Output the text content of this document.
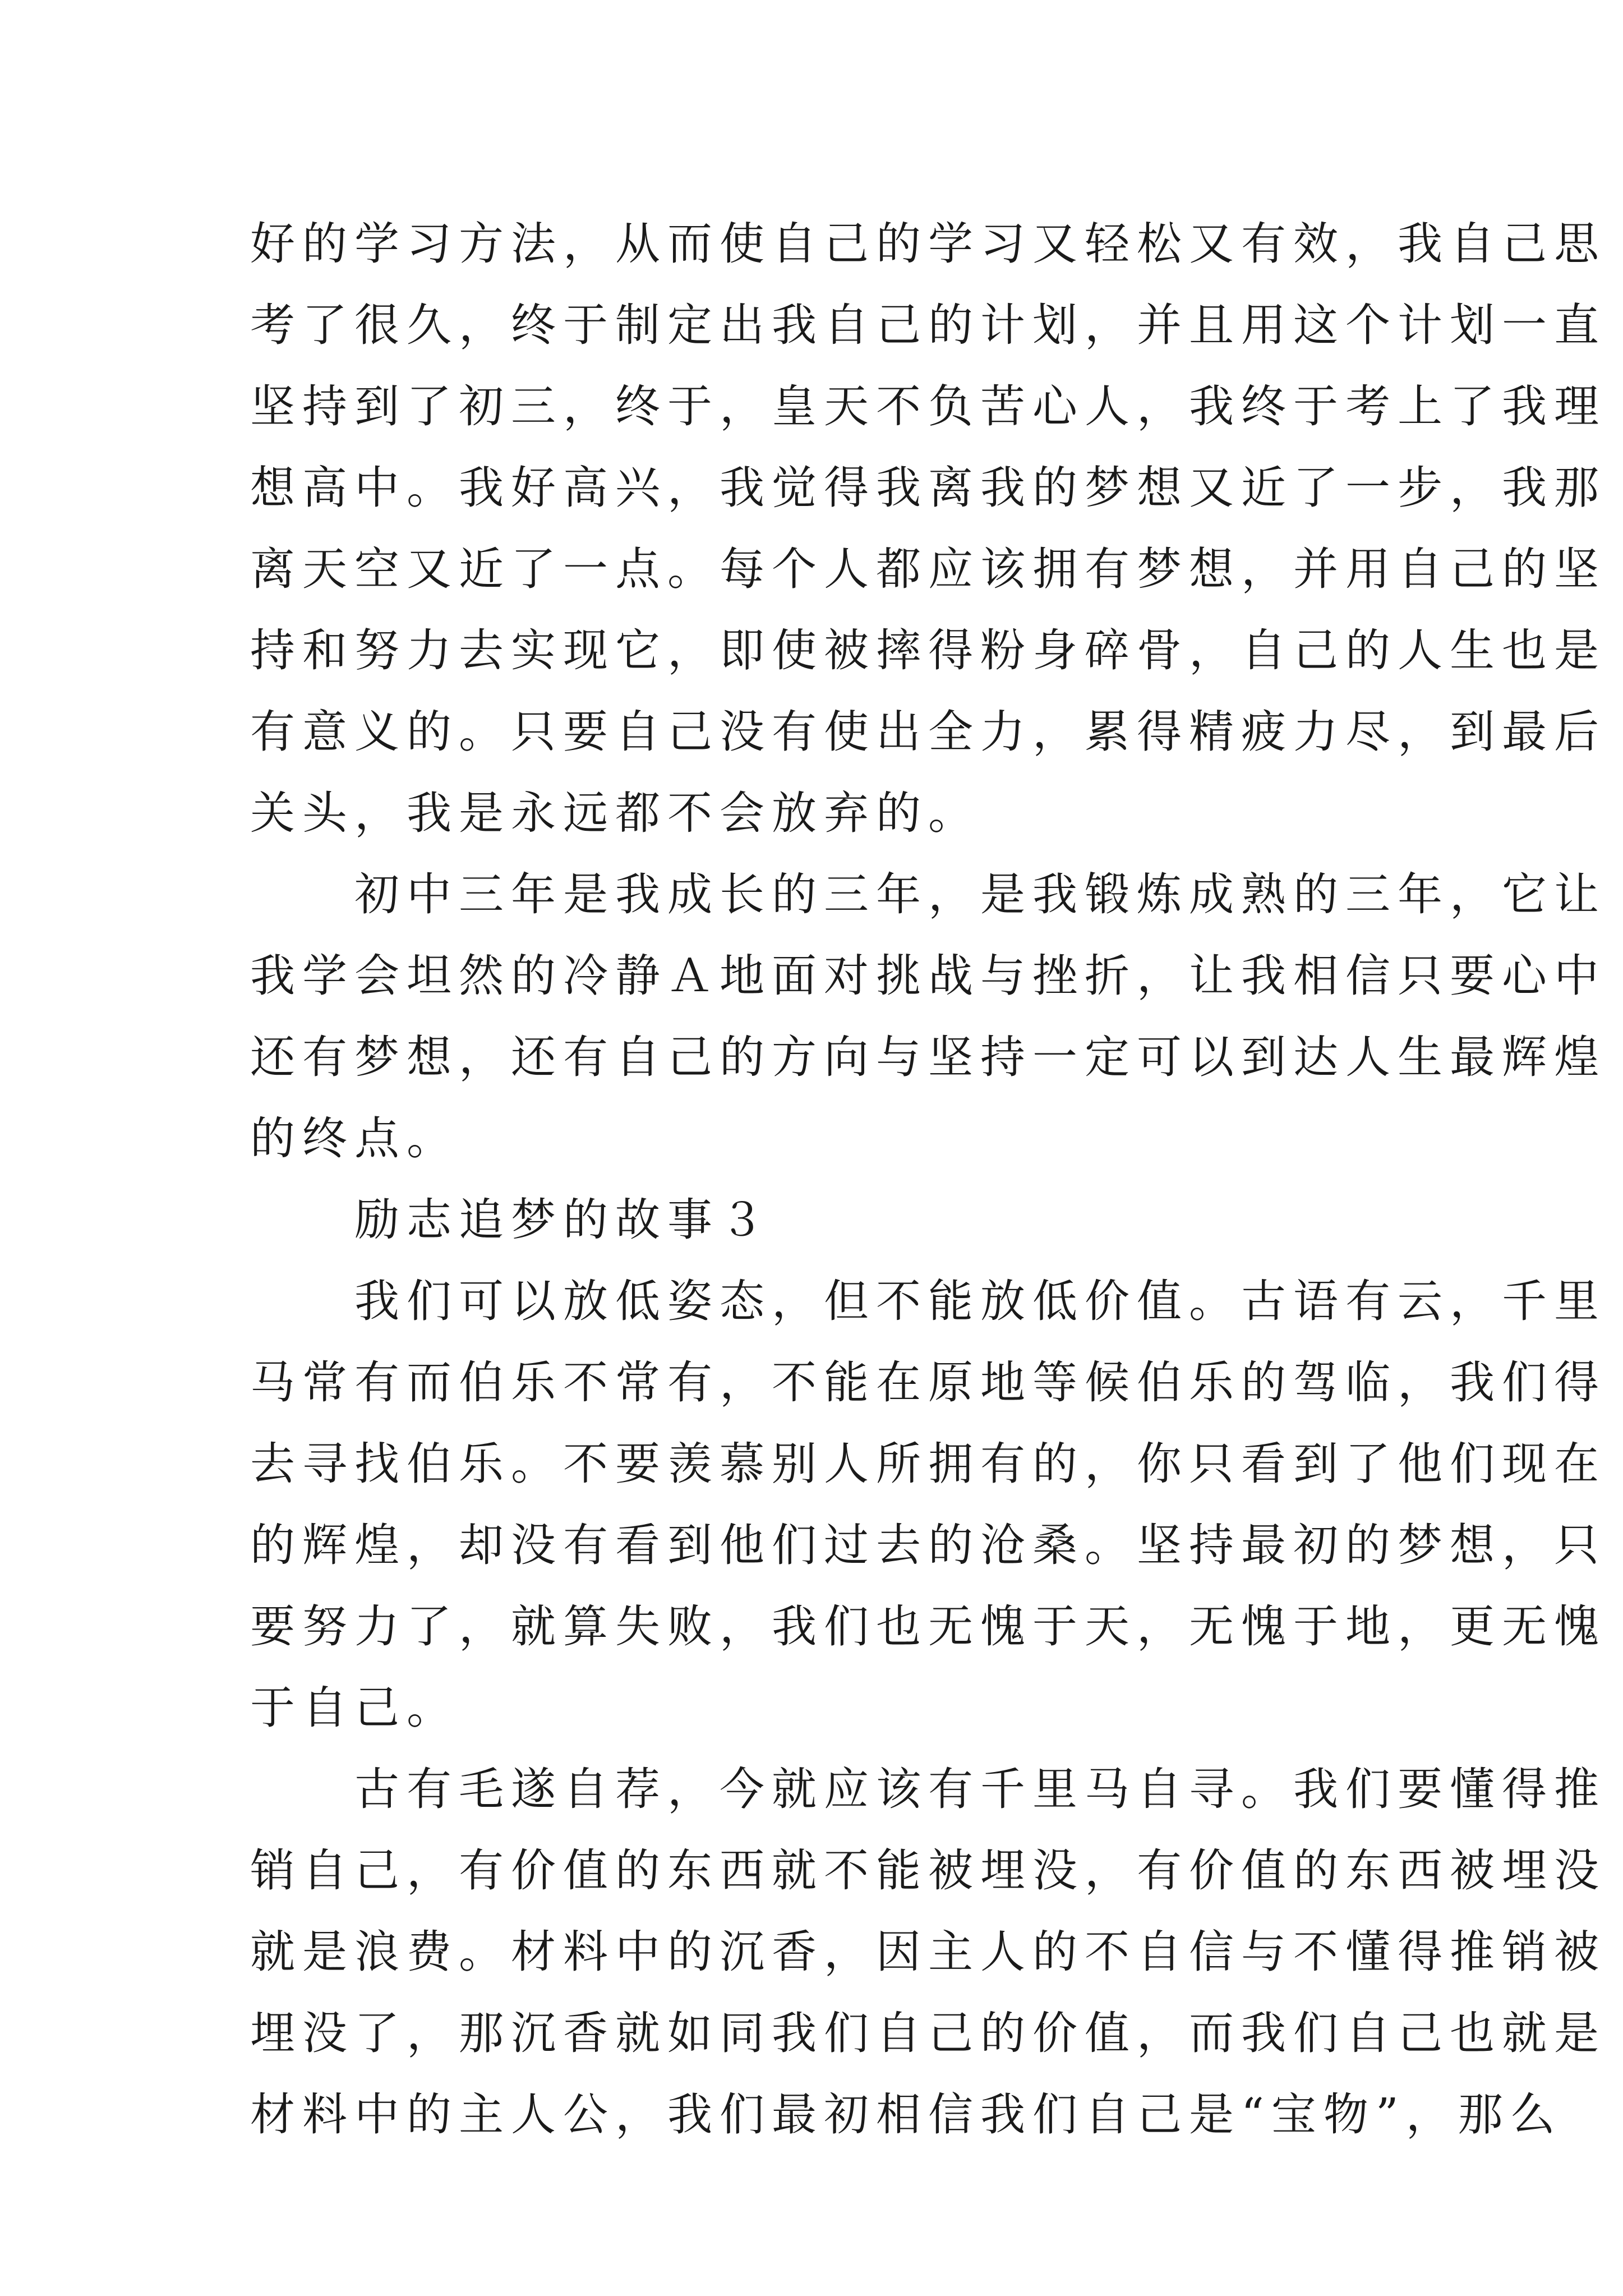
好的学习方法，从而使自己的学习又轻松又有效，我自己思
考了很久，终于制定出我自己的计划，并且用这个计划一直
坚持到了初三，终于，皇天不负苦心人，我终于考上了我理
想高中。我好高兴，我觉得我离我的梦想又近了一步，我那
离天空又近了一点。每个人都应该拥有梦想，并用自己的坚
持和努力去实现它，即使被摔得粉身碎骨，自己的人生也是
有意义的。只要自己没有使出全力，累得精疲力尽，到最后
关头，我是永远都不会放弃的。
　　初中三年是我成长的三年，是我锻炼成熟的三年，它让
我学会坦然的冷静Ａ地面对挑战与挫折，让我相信只要心中
还有梦想，还有自己的方向与坚持一定可以到达人生最辉煌
的终点。
　　励志追梦的故事３
　　我们可以放低姿态，但不能放低价值。古语有云，千里
马常有而伯乐不常有，不能在原地等候伯乐的驾临，我们得
去寻找伯乐。不要羡慕别人所拥有的，你只看到了他们现在
的辉煌，却没有看到他们过去的沧桑。坚持最初的梦想，只
要努力了，就算失败，我们也无愧于天，无愧于地，更无愧
于自己。
　　古有毛遂自荐，今就应该有千里马自寻。我们要懂得推
销自己，有价值的东西就不能被埋没，有价值的东西被埋没
就是浪费。材料中的沉香，因主人的不自信与不懂得推销被
埋没了，那沉香就如同我们自己的价值，而我们自己也就是
材料中的主人公，我们最初相信我们自己是“宝物”，那么
